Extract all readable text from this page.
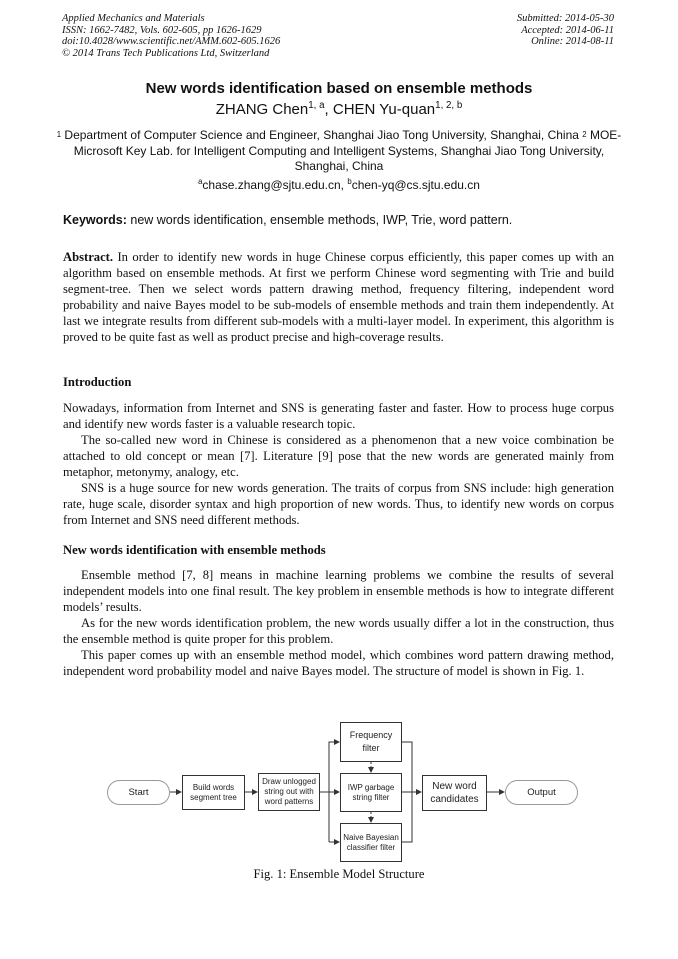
Applied Mechanics and Materials
ISSN: 1662-7482, Vols. 602-605, pp 1626-1629
doi:10.4028/www.scientific.net/AMM.602-605.1626
© 2014 Trans Tech Publications Ltd, Switzerland
Submitted: 2014-05-30
Accepted: 2014-06-11
Online: 2014-08-11
New words identification based on ensemble methods
ZHANG Chen$^{1, a}$, CHEN Yu-quan$^{1, 2, b}$
$^1$ Department of Computer Science and Engineer, Shanghai Jiao Tong University, Shanghai, China $^2$ MOE-Microsoft Key Lab. for Intelligent Computing and Intelligent Systems, Shanghai Jiao Tong University, Shanghai, China
$^a$chase.zhang@sjtu.edu.cn, $^b$chen-yq@cs.sjtu.edu.cn
Keywords: new words identification, ensemble methods, IWP, Trie, word pattern.

Abstract. In order to identify new words in huge Chinese corpus efficiently, this paper comes up with an algorithm based on ensemble methods. At first we perform Chinese word segmenting with Trie and build segment-tree. Then we select words pattern drawing method, frequency filtering, independent word probability and naive Bayes model to be sub-models of ensemble methods and train them independently. At last we integrate results from different sub-models with a multi-layer model. In experiment, this algorithm is proved to be quite fast as well as product precise and high-coverage results.

Introduction

Nowadays, information from Internet and SNS is generating faster and faster. How to process huge corpus and identify new words faster is a valuable research topic.

The so-called new word in Chinese is considered as a phenomenon that a new voice combination be attached to old concept or mean [7]. Literature [9] pose that the new words are generated mainly from metaphor, metonymy, analogy, etc.

SNS is a huge source for new words generation. The traits of corpus from SNS include: high generation rate, huge scale, disorder syntax and high proportion of new words. Thus, to identify new words on corpus from Internet and SNS need different methods.

New words identification with ensemble methods

Ensemble method [7, 8] means in machine learning problems we combine the results of several independent models into one final result. The key problem in ensemble methods is how to integrate different models’ results.

As for the new words identification problem, the new words usually differ a lot in the construction, thus the ensemble method is quite proper for this problem.

This paper comes up with an ensemble method model, which combines word pattern drawing method, independent word probability model and naive Bayes model. The structure of model is shown in Fig. 1.

Start	Build words segment tree
Draw unlogged string out with word patterns
Frequency filter
IWP garbage string filter
Naive Bayesian classifier filter
New word candidates
Output
Fig. 1: Ensemble Model Structure
